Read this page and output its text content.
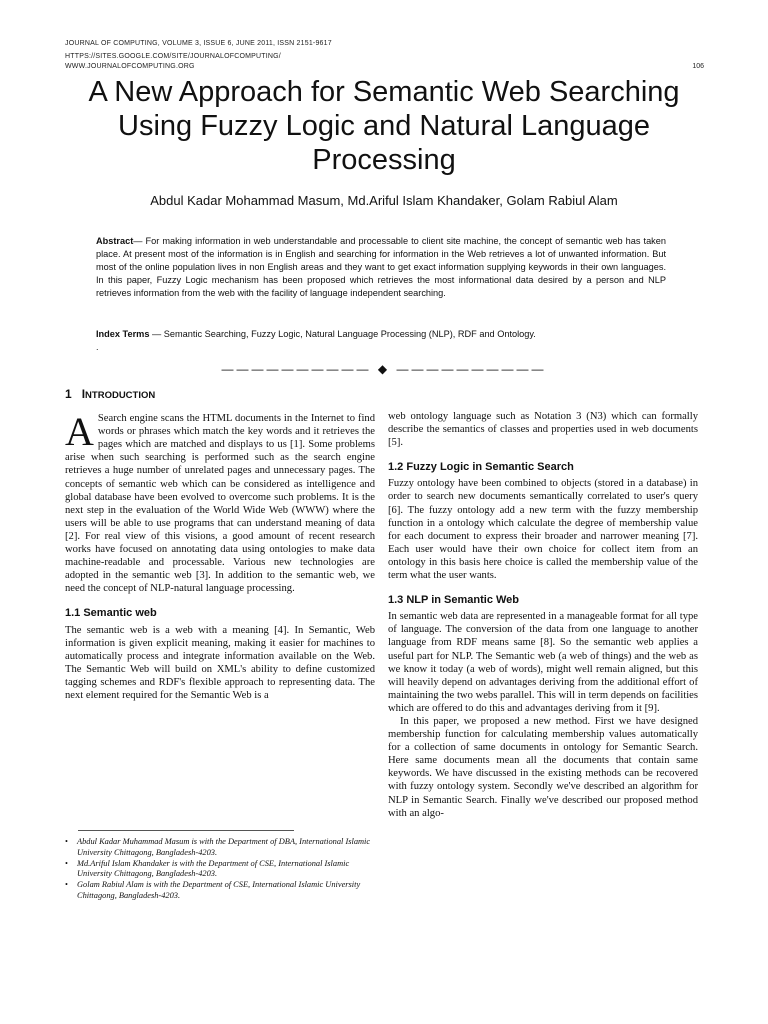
JOURNAL OF COMPUTING, VOLUME 3, ISSUE 6, JUNE 2011, ISSN 2151-9617
HTTPS://SITES.GOOGLE.COM/SITE/JOURNALOFCOMPUTING/
WWW.JOURNALOFCOMPUTING.ORG	106
A New Approach for Semantic Web Searching Using Fuzzy Logic and Natural Language Processing
Abdul Kadar Mohammad Masum, Md.Ariful Islam Khandaker, Golam Rabiul Alam

Abstract— For making information in web understandable and processable to client site machine, the concept of semantic web has taken place. At present most of the information is in English and searching for information in the Web retrieves a lot of unwanted information. But most of the online population lives in non English areas and they want to get exact information supplying keywords in their own languages. In this paper, Fuzzy Logic mechanism has been proposed which retrieves the most informational data desired by a person and NLP retrieves information from the web with the facility of language independent searching.

Index Terms — Semantic Searching, Fuzzy Logic, Natural Language Processing (NLP), RDF and Ontology.

.
—————————— ◆ ——————————
1 INTRODUCTION

A Search engine scans the HTML documents in the Internet to find words or phrases which match the key words and it retrieves the pages which are matched and displays to us [1]. Some problems arise when such searching is performed such as the search engine retrieves a huge number of unrelated pages and unnecessary pages. The concepts of semantic web which can be considered as intelligence and global database have been evolved to overcome such problems. It is the next step in the evaluation of the World Wide Web (WWW) where the users will be able to use programs that can understand meaning of data [2]. For real view of this visions, a good amount of recent research works have focused on annotating data using ontologies to make data machine-readable and processable. Various new technologies are adopted in the semantic web [3]. In addition to the semantic web, we need the concept of NLP-natural language processing.

1.1 Semantic web

The semantic web is a web with a meaning [4]. In Semantic, Web information is given explicit meaning, making it easier for machines to automatically process and integrate information available on the Web. The Semantic Web will build on XML's ability to define customized tagging schemes and RDF's flexible approach to representing data. The next element required for the Semantic Web is a

• Abdul Kadar Muhammad Masum is with the Department of DBA, International Islamic University Chittagong, Bangladesh-4203.
• Md.Ariful Islam Khandaker is with the Department of CSE, International Islamic University Chittagong, Bangladesh-4203.
• Golam Rabiul Alam is with the Department of CSE, International Islamic University Chittagong, Bangladesh-4203.

web ontology language such as Notation 3 (N3) which can formally describe the semantics of classes and properties used in web documents [5].

1.2 Fuzzy Logic in Semantic Search

Fuzzy ontology have been combined to objects (stored in a database) in order to search new documents semantically correlated to user's query [6]. The fuzzy ontology add a new term with the fuzzy membership function in a ontology which calculate the degree of membership value for each document to express their broader and narrower meaning [7]. Each user would have their own choice for collect item from an ontology in this basis here choice is called the membership value of the term what the user wants.

1.3 NLP in Semantic Web

In semantic web data are represented in a manageable format for all type of language. The conversion of the data from one language to another language from RDF means same [8]. So the semantic web applies a useful part for NLP. The Semantic web (a web of things) and the web as we know it today (a web of words), might well remain aligned, but this will heavily depend on advantages deriving from the additional effort of maintaining the two webs parallel. This will in term depends on facilities which are offered to do this and advantages deriving from it [9].

In this paper, we proposed a new method. First we have designed membership function for calculating membership values automatically for a collection of same documents in ontology for Semantic Search. Here same documents mean all the documents that contain same keywords. We have discussed in the existing methods can be recovered with fuzzy ontology system. Secondly we've described an algorithm for NLP in Semantic Search. Finally we've described our proposed method with an algo-
